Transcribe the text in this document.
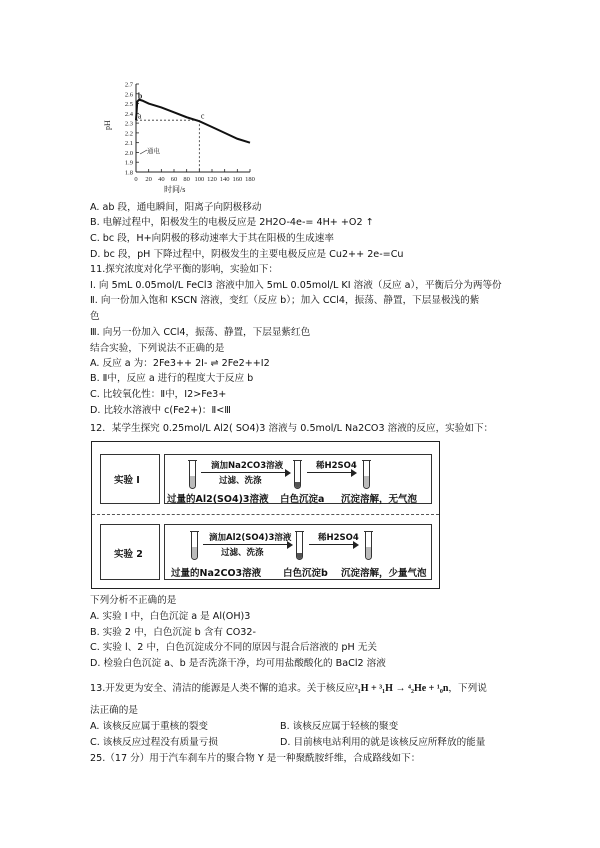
1.8
1.9
2.0
2.1
2.2
2.3
2.4
2.5
2.6
2.7
0 20 40 60 80 100 120 140 160 180
a
b
c
通电
pH
时间/s
A. ab 段，通电瞬间，阳离子向阴极移动
B. 电解过程中，阳极发生的电极反应是 2H2O-4e-= 4H+ +O2 ↑
C. bc 段，H+向阴极的移动速率大于其在阳极的生成速率
D. bc 段，pH 下降过程中，阴极发生的主要电极反应是 Cu2++ 2e-=Cu
11.探究浓度对化学平衡的影响，实验如下：
I. 向 5mL 0.05mol/L FeCl3 溶液中加入 5mL 0.05mol/L KI 溶液（反应 a），平衡后分为两等份
Ⅱ. 向一份加入饱和 KSCN 溶液，变红（反应 b）；加入 CCl4，振荡、静置，下层显极浅的紫
色
Ⅲ. 向另一份加入 CCl4，振荡、静置，下层显紫红色
结合实验，下列说法不正确的是
A. 反应 a 为：2Fe3++ 2I- ⇌ 2Fe2++I2
B. Ⅱ中，反应 a 进行的程度大于反应 b
C. 比较氧化性：Ⅱ中，I2>Fe3+
D. 比较水溶液中 c(Fe2+)：Ⅱ<Ⅲ
12．某学生探究 0.25mol/L Al2( SO4)3 溶液与 0.5mol/L Na2CO3 溶液的反应，实验如下：
实验 I
滴加Na2CO3溶液
过滤、洗涤
稀H2SO4
过量的Al2(SO4)3溶液 白色沉淀a 沉淀溶解，无气泡
实验 2
滴加Al2(SO4)3溶液
过滤、洗涤
稀H2SO4
过量的Na2CO3溶液 白色沉淀b 沉淀溶解，少量气泡
下列分析不正确的是
A. 实验 I 中，白色沉淀 a 是 Al(OH)3
B. 实验 2 中，白色沉淀 b 含有 CO32-
C. 实验 l、2 中，白色沉淀成分不同的原因与混合后溶液的 pH 无关
D. 检验白色沉淀 a、b 是否洗涤干净，均可用盐酸酸化的 BaCl2 溶液
13.开发更为安全、清洁的能源是人类不懈的追求。关于核反应²₁H + ³₁H → ⁴₂He + ¹₀n，下列说
法正确的是
A. 该核反应属于重核的裂变	B. 该核反应属于轻核的聚变
C. 该核反应过程没有质量亏损	D. 目前核电站利用的就是该核反应所释放的能量
25.（17 分）用于汽车刹车片的聚合物 Y 是一种聚酰胺纤维，合成路线如下：
